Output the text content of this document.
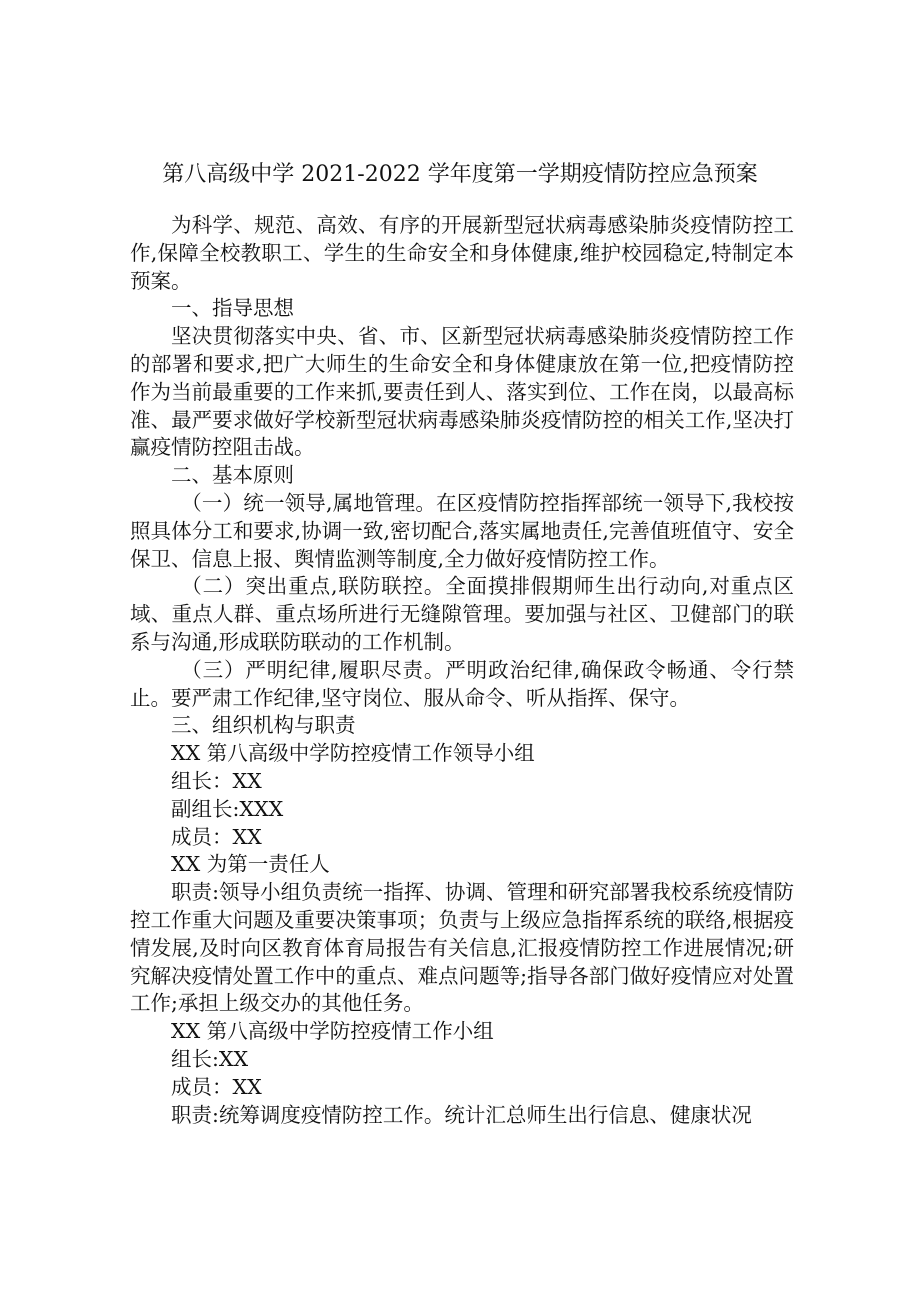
第八高级中学 2021-2022 学年度第一学期疫情防控应急预案

为科学、规范、高效、有序的开展新型冠状病毒感染肺炎疫情防控工作,保障全校教职工、学生的生命安全和身体健康,维护校园稳定,特制定本预案。

一、指导思想

坚决贯彻落实中央、省、市、区新型冠状病毒感染肺炎疫情防控工作的部署和要求,把广大师生的生命安全和身体健康放在第一位,把疫情防控作为当前最重要的工作来抓,要责任到人、落实到位、工作在岗，以最高标准、最严要求做好学校新型冠状病毒感染肺炎疫情防控的相关工作,坚决打赢疫情防控阻击战。

二、基本原则

（一）统一领导,属地管理。在区疫情防控指挥部统一领导下,我校按照具体分工和要求,协调一致,密切配合,落实属地责任,完善值班值守、安全保卫、信息上报、舆情监测等制度,全力做好疫情防控工作。

（二）突出重点,联防联控。全面摸排假期师生出行动向,对重点区域、重点人群、重点场所进行无缝隙管理。要加强与社区、卫健部门的联系与沟通,形成联防联动的工作机制。

（三）严明纪律,履职尽责。严明政治纪律,确保政令畅通、令行禁止。要严肃工作纪律,坚守岗位、服从命令、听从指挥、保守。

三、组织机构与职责

XX 第八高级中学防控疫情工作领导小组

组长：XX

副组长:XXX

成员：XX

XX 为第一责任人

职责:领导小组负责统一指挥、协调、管理和研究部署我校系统疫情防控工作重大问题及重要决策事项；负责与上级应急指挥系统的联络,根据疫情发展,及时向区教育体育局报告有关信息,汇报疫情防控工作进展情况;研究解决疫情处置工作中的重点、难点问题等;指导各部门做好疫情应对处置工作;承担上级交办的其他任务。

XX 第八高级中学防控疫情工作小组

组长:XX

成员：XX

职责:统筹调度疫情防控工作。统计汇总师生出行信息、健康状况
